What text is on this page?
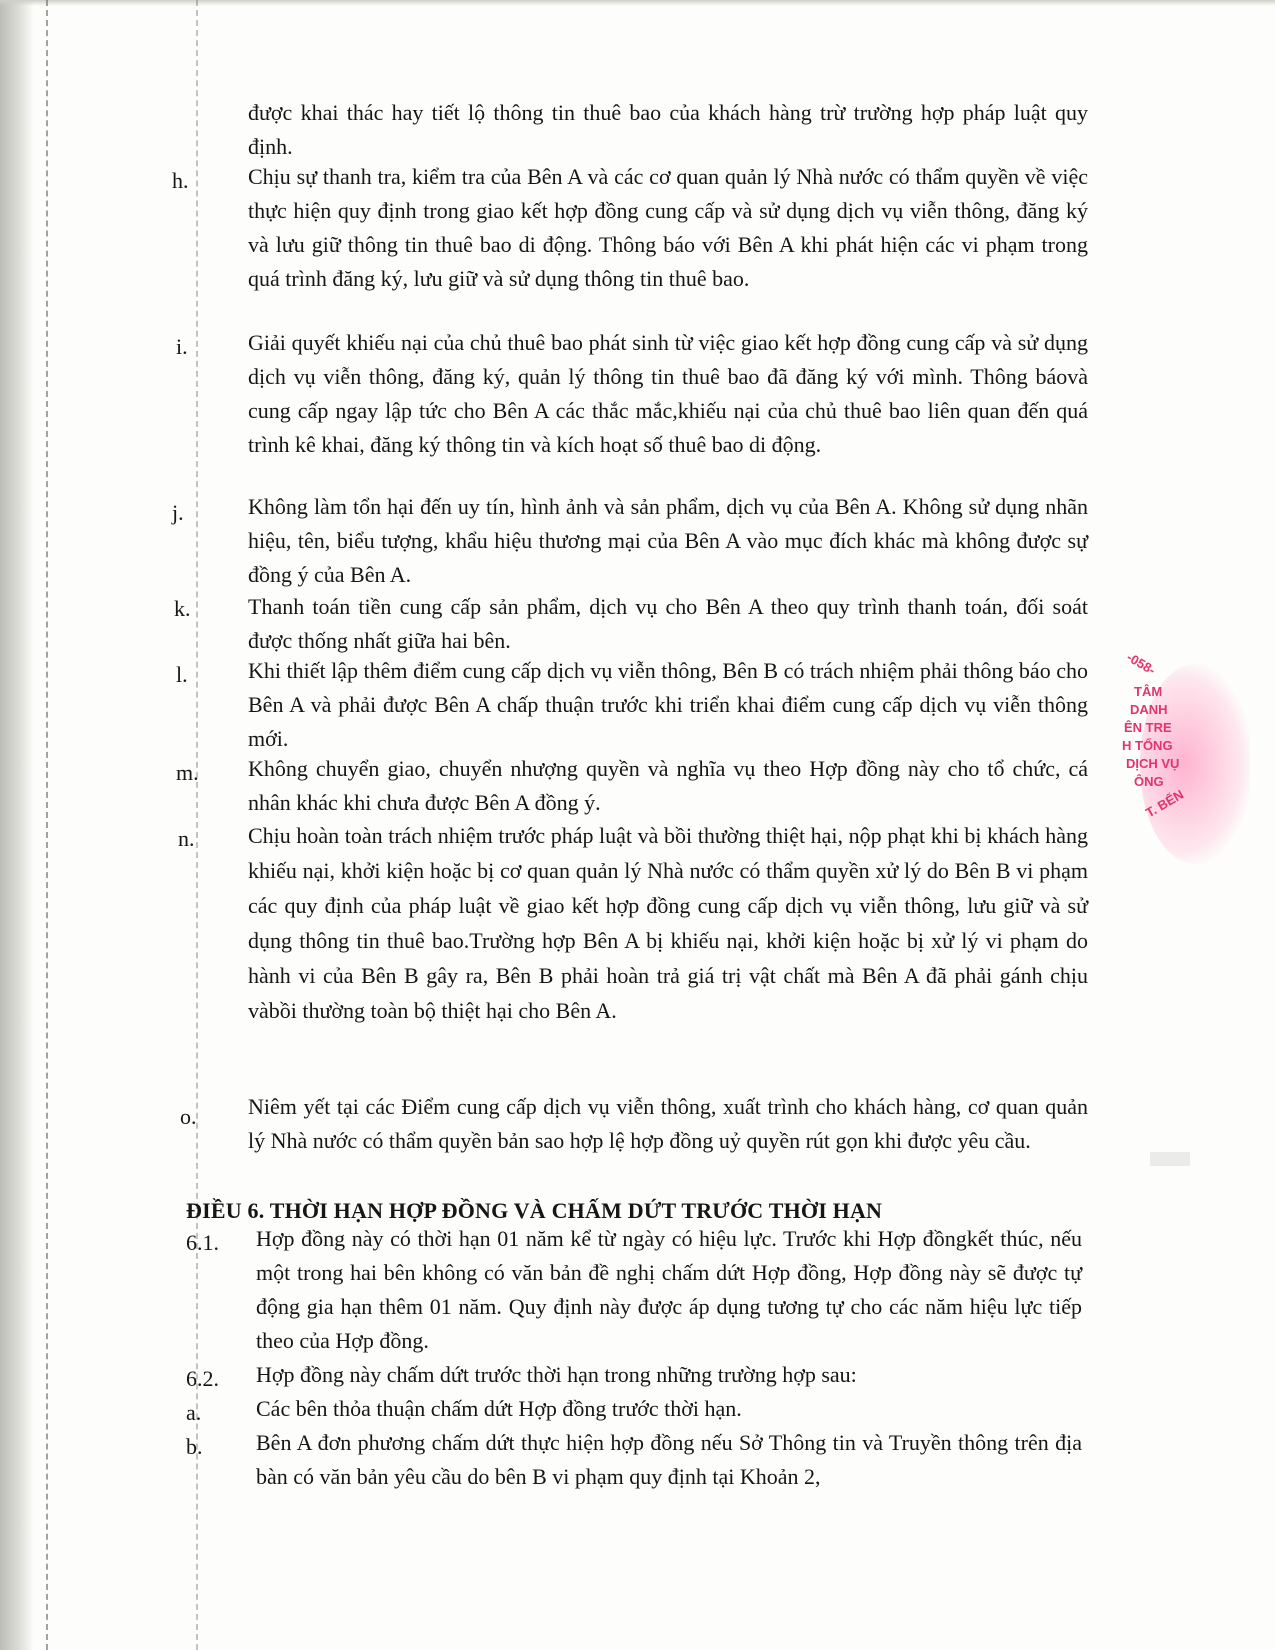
-058-
TÂM
DANH
ÊN TRE
H TỔNG
DỊCH VỤ
ÔNG
T. BẾN
được khai thác hay tiết lộ thông tin thuê bao của khách hàng trừ trường hợp pháp luật quy định.
h.	Chịu sự thanh tra, kiểm tra của Bên A và các cơ quan quản lý Nhà nước có thẩm quyền về việc thực hiện quy định trong giao kết hợp đồng cung cấp và sử dụng dịch vụ viễn thông, đăng ký và lưu giữ thông tin thuê bao di động. Thông báo với Bên A khi phát hiện các vi phạm trong quá trình đăng ký, lưu giữ và sử dụng thông tin thuê bao.
i.	Giải quyết khiếu nại của chủ thuê bao phát sinh từ việc giao kết hợp đồng cung cấp và sử dụng dịch vụ viễn thông, đăng ký, quản lý thông tin thuê bao đã đăng ký với mình. Thông báovà cung cấp ngay lập tức cho Bên A các thắc mắc,khiếu nại của chủ thuê bao liên quan đến quá trình kê khai, đăng ký thông tin và kích hoạt số thuê bao di động.
j.	Không làm tổn hại đến uy tín, hình ảnh và sản phẩm, dịch vụ của Bên A. Không sử dụng nhãn hiệu, tên, biểu tượng, khẩu hiệu thương mại của Bên A vào mục đích khác mà không được sự đồng ý của Bên A.
k.	Thanh toán tiền cung cấp sản phẩm, dịch vụ cho Bên A theo quy trình thanh toán, đối soát được thống nhất giữa hai bên.
l.	Khi thiết lập thêm điểm cung cấp dịch vụ viễn thông, Bên B có trách nhiệm phải thông báo cho Bên A và phải được Bên A chấp thuận trước khi triển khai điểm cung cấp dịch vụ viễn thông mới.
m. Không chuyển giao, chuyển nhượng quyền và nghĩa vụ theo Hợp đồng này cho tổ chức, cá nhân khác khi chưa được Bên A đồng ý.
n. Chịu hoàn toàn trách nhiệm trước pháp luật và bồi thường thiệt hại, nộp phạt khi bị khách hàng khiếu nại, khởi kiện hoặc bị cơ quan quản lý Nhà nước có thẩm quyền xử lý do Bên B vi phạm các quy định của pháp luật về giao kết hợp đồng cung cấp dịch vụ viễn thông, lưu giữ và sử dụng thông tin thuê bao.Trường hợp Bên A bị khiếu nại, khởi kiện hoặc bị xử lý vi phạm do hành vi của Bên B gây ra, Bên B phải hoàn trả giá trị vật chất mà Bên A đã phải gánh chịu vàbồi thường toàn bộ thiệt hại cho Bên A.
o. Niêm yết tại các Điểm cung cấp dịch vụ viễn thông, xuất trình cho khách hàng, cơ quan quản lý Nhà nước có thẩm quyền bản sao hợp lệ hợp đồng uỷ quyền rút gọn khi được yêu cầu.
ĐIỀU 6. THỜI HẠN HỢP ĐỒNG VÀ CHẤM DỨT TRƯỚC THỜI HẠN
6.1. Hợp đồng này có thời hạn 01 năm kể từ ngày có hiệu lực. Trước khi Hợp đồngkết thúc, nếu một trong hai bên không có văn bản đề nghị chấm dứt Hợp đồng, Hợp đồng này sẽ được tự động gia hạn thêm 01 năm. Quy định này được áp dụng tương tự cho các năm hiệu lực tiếp theo của Hợp đồng.
6.2. Hợp đồng này chấm dứt trước thời hạn trong những trường hợp sau:
a. Các bên thỏa thuận chấm dứt Hợp đồng trước thời hạn.
b. Bên A đơn phương chấm dứt thực hiện hợp đồng nếu Sở Thông tin và Truyền thông trên địa bàn có văn bản yêu cầu do bên B vi phạm quy định tại Khoản 2,
